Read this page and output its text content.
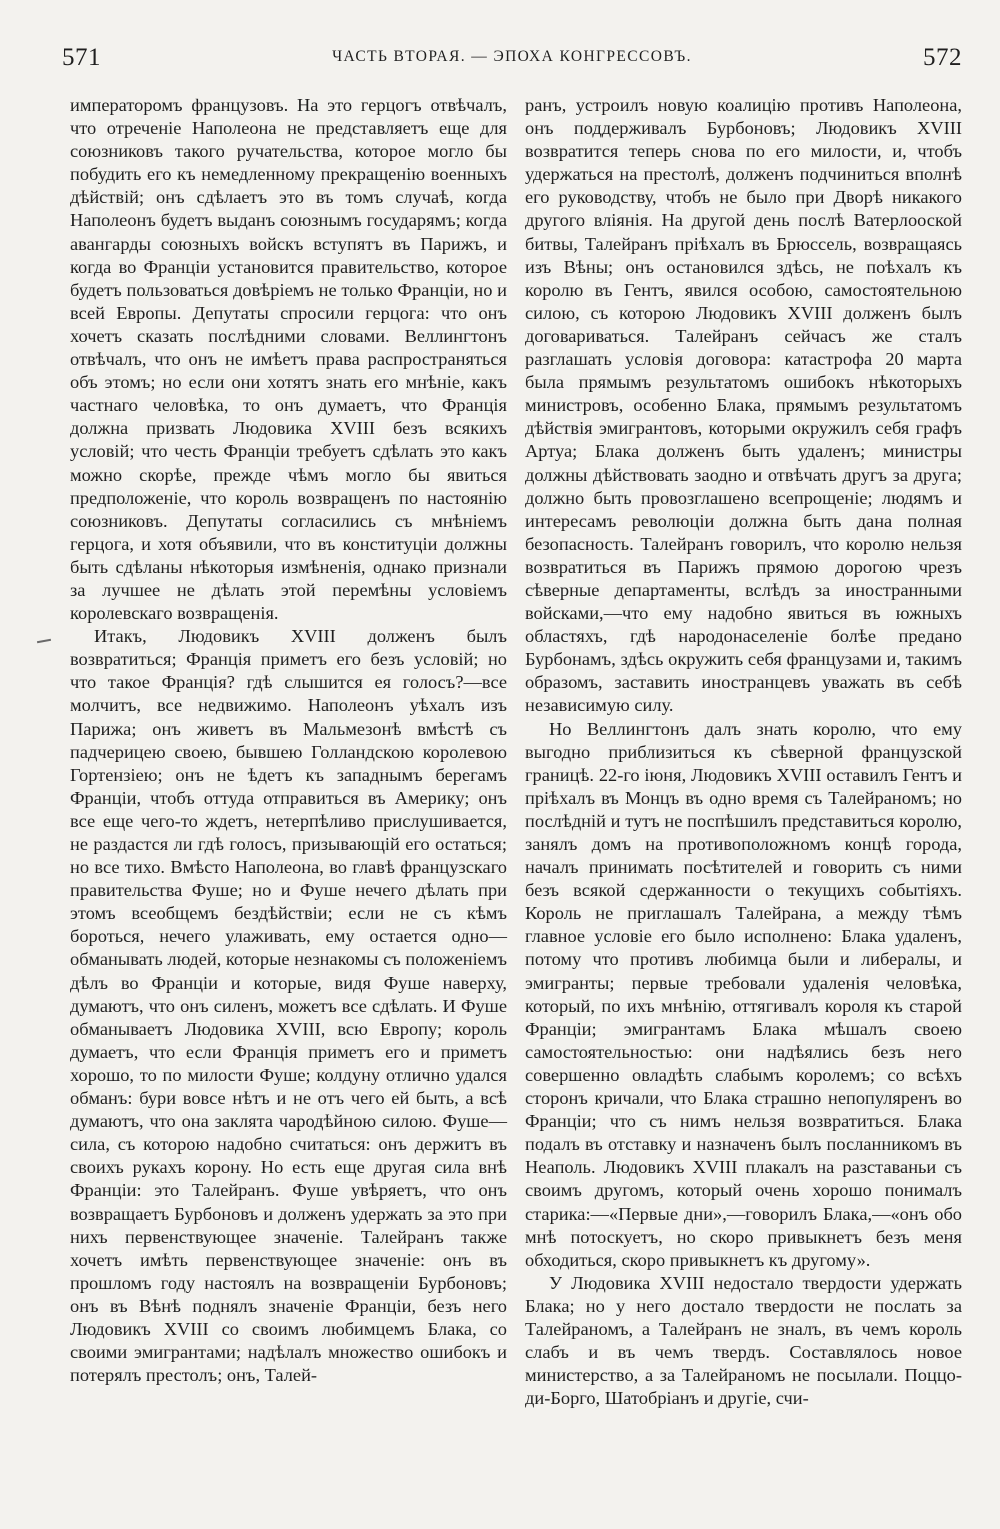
571	ЧАСТЬ ВТОРАЯ. — ЭПОХА КОНГРЕССОВЪ.	572

императоромъ французовъ. На это герцогъ отвѣчалъ, что отреченіе Наполеона не представляетъ еще для союзниковъ такого ручательства, которое могло бы побудить его къ немедленному прекращенію военныхъ дѣйствій; онъ сдѣлаетъ это въ томъ случаѣ, когда Наполеонъ будетъ выданъ союзнымъ государямъ; когда авангарды союзныхъ войскъ вступятъ въ Парижъ, и когда во Франціи установится правительство, которое будетъ пользоваться довѣріемъ не только Франціи, но и всей Европы. Депутаты спросили герцога: что онъ хочетъ сказать послѣдними словами. Веллингтонъ отвѣчалъ, что онъ не имѣетъ права распространяться объ этомъ; но если они хотятъ знать его мнѣніе, какъ частнаго человѣка, то онъ думаетъ, что Франція должна призвать Людовика XVIII безъ всякихъ условій; что честь Франціи требуетъ сдѣлать это какъ можно скорѣе, прежде чѣмъ могло бы явиться предположеніе, что король возвращенъ по настоянію союзниковъ. Депутаты согласились съ мнѣніемъ герцога, и хотя объявили, что въ конституціи должны быть сдѣланы нѣкоторыя измѣненія, однако признали за лучшее не дѣлать этой перемѣны условіемъ королевскаго возвращенія.

Итакъ, Людовикъ XVIII долженъ былъ возвратиться; Франція приметъ его безъ условій; но что такое Франція? гдѣ слышится ея голосъ?—все молчитъ, все недвижимо. Наполеонъ уѣхалъ изъ Парижа; онъ живетъ въ Мальмезонѣ вмѣстѣ съ падчерицею своею, бывшею Голландскою королевою Гортензіею; онъ не ѣдетъ къ западнымъ берегамъ Франціи, чтобъ оттуда отправиться въ Америку; онъ все еще чего-то ждетъ, нетерпѣливо прислушивается, не раздастся ли гдѣ голосъ, призывающій его остаться; но все тихо. Вмѣсто Наполеона, во главѣ французскаго правительства Фуше; но и Фуше нечего дѣлать при этомъ всеобщемъ бездѣйствіи; если не съ кѣмъ бороться, нечего улаживать, ему остается одно—обманывать людей, которые незнакомы съ положеніемъ дѣлъ во Франціи и которые, видя Фуше наверху, думаютъ, что онъ силенъ, можетъ все сдѣлать. И Фуше обманываетъ Людовика XVIII, всю Европу; король думаетъ, что если Франція приметъ его и приметъ хорошо, то по милости Фуше; колдуну отлично удался обманъ: бури вовсе нѣтъ и не отъ чего ей быть, а всѣ думаютъ, что она заклята чародѣйною силою. Фуше—сила, съ которою надобно считаться: онъ держитъ въ своихъ рукахъ корону. Но есть еще другая сила внѣ Франціи: это Талейранъ. Фуше увѣряетъ, что онъ возвращаетъ Бурбоновъ и долженъ удержать за это при нихъ первенствующее значеніе. Талейранъ также хочетъ имѣть первенствующее значеніе: онъ въ прошломъ году настоялъ на возвращеніи Бурбоновъ; онъ въ Вѣнѣ поднялъ значеніе Франціи, безъ него Людовикъ XVIII со своимъ любимцемъ Блака, со своими эмигрантами; надѣлалъ множество ошибокъ и потерялъ престолъ; онъ, Талей-

ранъ, устроилъ новую коалицію противъ Наполеона, онъ поддерживалъ Бурбоновъ; Людовикъ XVIII возвратится теперь снова по его милости, и, чтобъ удержаться на престолѣ, долженъ подчиниться вполнѣ его руководству, чтобъ не было при Дворѣ никакого другого вліянія. На другой день послѣ Ватерлооской битвы, Талейранъ пріѣхалъ въ Брюссель, возвращаясь изъ Вѣны; онъ остановился здѣсь, не поѣхалъ къ королю въ Гентъ, явился особою, самостоятельною силою, съ которою Людовикъ XVIII долженъ былъ договариваться. Талейранъ сейчасъ же сталъ разглашать условія договора: катастрофа 20 марта была прямымъ результатомъ ошибокъ нѣкоторыхъ министровъ, особенно Блака, прямымъ результатомъ дѣйствія эмигрантовъ, которыми окружилъ себя графъ Артуа; Блака долженъ быть удаленъ; министры должны дѣйствовать заодно и отвѣчать другъ за друга; должно быть провозглашено всепрощеніе; людямъ и интересамъ революціи должна быть дана полная безопасность. Талейранъ говорилъ, что королю нельзя возвратиться въ Парижъ прямою дорогою чрезъ сѣверные департаменты, вслѣдъ за иностранными войсками,—что ему надобно явиться въ южныхъ областяхъ, гдѣ народонаселеніе болѣе предано Бурбонамъ, здѣсь окружить себя французами и, такимъ образомъ, заставить иностранцевъ уважать въ себѣ независимую силу.

Но Веллингтонъ далъ знать королю, что ему выгодно приблизиться къ сѣверной французской границѣ. 22-го іюня, Людовикъ XVIII оставилъ Гентъ и пріѣхалъ въ Монцъ въ одно время съ Талейраномъ; но послѣдній и тутъ не поспѣшилъ представиться королю, занялъ домъ на противоположномъ концѣ города, началъ принимать посѣтителей и говорить съ ними безъ всякой сдержанности о текущихъ событіяхъ. Король не приглашалъ Талейрана, а между тѣмъ главное условіе его было исполнено: Блака удаленъ, потому что противъ любимца были и либералы, и эмигранты; первые требовали удаленія человѣка, который, по ихъ мнѣнію, оттягивалъ короля къ старой Франціи; эмигрантамъ Блака мѣшалъ своею самостоятельностью: они надѣялись безъ него совершенно овладѣть слабымъ королемъ; со всѣхъ сторонъ кричали, что Блака страшно непопуляренъ во Франціи; что съ нимъ нельзя возвратиться. Блака подалъ въ отставку и назначенъ былъ посланникомъ въ Неаполь. Людовикъ XVIII плакалъ на разставаньи съ своимъ другомъ, который очень хорошо понималъ старика:—«Первые дни»,—говорилъ Блака,—«онъ обо мнѣ потоскуетъ, но скоро привыкнетъ безъ меня обходиться, скоро привыкнетъ къ другому».

У Людовика XVIII недостало твердости удержать Блака; но у него достало твердости не послать за Талейраномъ, а Талейранъ не зналъ, въ чемъ король слабъ и въ чемъ твердъ. Составлялось новое министерство, а за Талейраномъ не посылали. Поццо-ди-Борго, Шатобріанъ и другіе, счи-
